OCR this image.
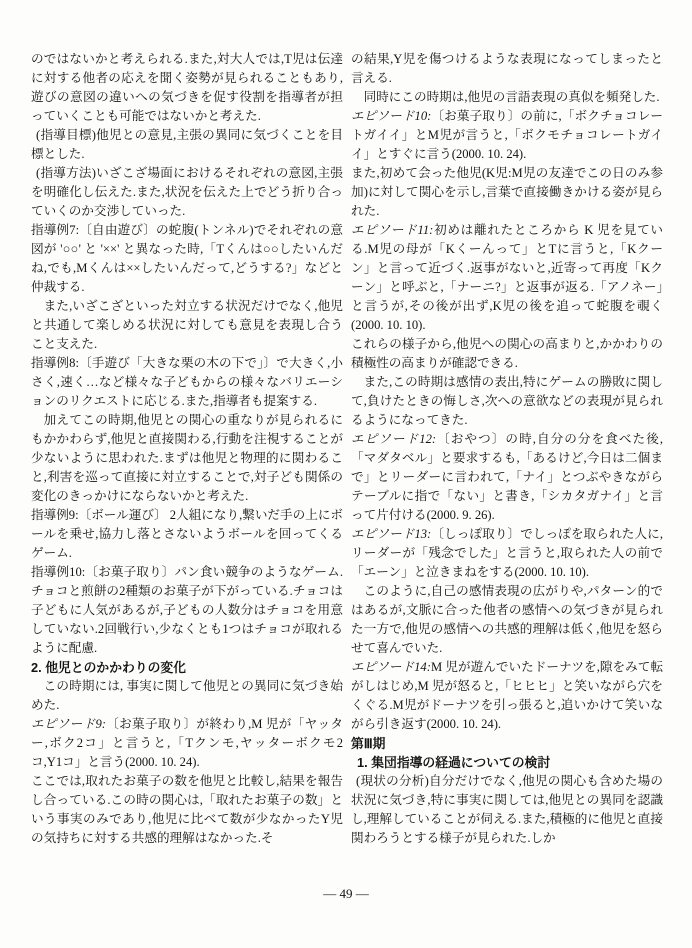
のではないかと考えられる.また,対大人では,T児は伝達に対する他者の応えを聞く姿勢が見られることもあり,遊びの意図の違いへの気づきを促す役割を指導者が担っていくことも可能ではないかと考えた.

(指導目標)他児との意見,主張の異同に気づくことを目標とした.

(指導方法)いざこざ場面におけるそれぞれの意図,主張を明確化し伝えた.また,状況を伝えた上でどう折り合っていくのか交渉していった.

指導例7:〔自由遊び〕の蛇腹(トンネル)でそれぞれの意図が '○○' と '××' と異なった時,「Tくんは○○したいんだね,でも,Mくんは××したいんだって,どうする?」などと仲裁する.

また,いざこざといった対立する状況だけでなく,他児と共通して楽しめる状況に対しても意見を表現し合うこと支えた.

指導例8:〔手遊び「大きな栗の木の下で」〕で大きく,小さく,速く…など様々な子どもからの様々なバリエーションのリクエストに応じる.また,指導者も提案する.

加えてこの時期,他児との関心の重なりが見られるにもかかわらず,他児と直接関わる,行動を注視することが少ないように思われた.まずは他児と物理的に関わること,利害を巡って直接に対立することで,対子ども関係の変化のきっかけにならないかと考えた.

指導例9:〔ボール運び〕 2人組になり,繋いだ手の上にボールを乗せ,協力し落とさないようボールを回ってくるゲーム.

指導例10:〔お菓子取り〕パン食い競争のようなゲーム.チョコと煎餅の2種類のお菓子が下がっている.チョコは子どもに人気があるが,子どもの人数分はチョコを用意していない.2回戦行い,少なくとも1つはチョコが取れるように配慮.

2. 他児とのかかわりの変化

この時期には, 事実に関して他児との異同に気づき始めた.

エピソード9:〔お菓子取り〕が終わり,M 児が「ヤッター,ボク2コ」と言うと,「Tクンモ,ヤッターボクモ2コ,Y1コ」と言う(2000. 10. 24).

ここでは,取れたお菓子の数を他児と比較し,結果を報告し合っている.この時の関心は,「取れたお菓子の数」という事実のみであり,他児に比べて数が少なかったY児の気持ちに対する共感的理解はなかった.そ

の結果,Y児を傷つけるような表現になってしまったと言える.

同時にこの時期は,他児の言語表現の真似を頻発した.

エピソード10:〔お菓子取り〕の前に,「ボクチョコレートガイイ」とM児が言うと,「ボクモチョコレートガイイ」とすぐに言う(2000. 10. 24).

また,初めて会った他児(K児:M児の友達でこの日のみ参加)に対して関心を示し,言葉で直接働きかける姿が見られた.

エピソード11:初めは離れたところから K 児を見ている.M児の母が「Kくーんって」とTに言うと,「Kクーン」と言って近づく.返事がないと,近寄って再度「Kクーン」と呼ぶと,「ナーニ?」と返事が返る.「アノネー」と言うが,その後が出ず,K児の後を追って蛇腹を覗く(2000. 10. 10).

これらの様子から,他児への関心の高まりと,かかわりの積極性の高まりが確認できる.

また,この時期は感情の表出,特にゲームの勝敗に関して,負けたときの悔しさ,次への意欲などの表現が見られるようになってきた.

エピソード12:〔おやつ〕の時,自分の分を食べた後,「マダタベル」と要求するも,「あるけど,今日は二個まで」とリーダーに言われて,「ナイ」とつぶやきながらテーブルに指で「ない」と書き,「シカタガナイ」と言って片付ける(2000. 9. 26).

エピソード13:〔しっぽ取り〕でしっぽを取られた人に,リーダーが「残念でした」と言うと,取られた人の前で「エーン」と泣きまねをする(2000. 10. 10).

このように,自己の感情表現の広がりや,パターン的ではあるが,文脈に合った他者の感情への気づきが見られた一方で,他児の感情への共感的理解は低く,他児を怒らせて喜んでいた.

エピソード14:M 児が遊んでいたドーナツを,隙をみて転がしはじめ,M 児が怒ると,「ヒヒヒ」と笑いながら穴をくぐる.M児がドーナツを引っ張ると,追いかけて笑いながら引き返す(2000. 10. 24).

第Ⅲ期

1. 集団指導の経過についての検討

(現状の分析)自分だけでなく,他児の関心も含めた場の状況に気づき,特に事実に関しては,他児との異同を認識し,理解していることが伺える.また,積極的に他児と直接関わろうとする様子が見られた.しか

— 49 —
